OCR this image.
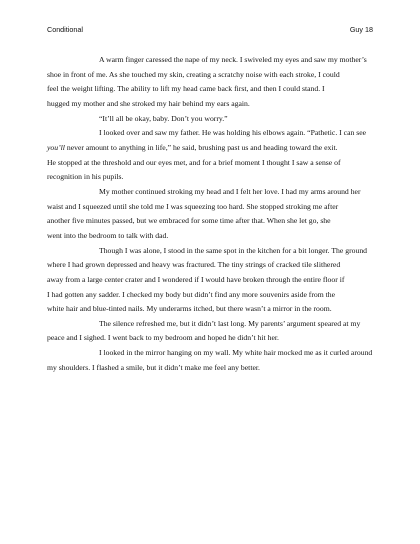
Conditional	Guy 18

A warm finger caressed the nape of my neck. I swiveled my eyes and saw my mother’s
shoe in front of me. As she touched my skin, creating a scratchy noise with each stroke, I could
feel the weight lifting. The ability to lift my head came back first, and then I could stand. I
hugged my mother and she stroked my hair behind my ears again.

“It’ll all be okay, baby. Don’t you worry.”

I looked over and saw my father. He was holding his elbows again. “Pathetic. I can see
you’ll never amount to anything in life,” he said, brushing past us and heading toward the exit.
He stopped at the threshold and our eyes met, and for a brief moment I thought I saw a sense of
recognition in his pupils.

My mother continued stroking my head and I felt her love. I had my arms around her
waist and I squeezed until she told me I was squeezing too hard. She stopped stroking me after
another five minutes passed, but we embraced for some time after that. When she let go, she
went into the bedroom to talk with dad.

Though I was alone, I stood in the same spot in the kitchen for a bit longer. The ground
where I had grown depressed and heavy was fractured. The tiny strings of cracked tile slithered
away from a large center crater and I wondered if I would have broken through the entire floor if
I had gotten any sadder. I checked my body but didn’t find any more souvenirs aside from the
white hair and blue-tinted nails. My underarms itched, but there wasn’t a mirror in the room.

The silence refreshed me, but it didn’t last long. My parents’ argument speared at my
peace and I sighed. I went back to my bedroom and hoped he didn’t hit her.

I looked in the mirror hanging on my wall. My white hair mocked me as it curled around
my shoulders. I flashed a smile, but it didn’t make me feel any better.
